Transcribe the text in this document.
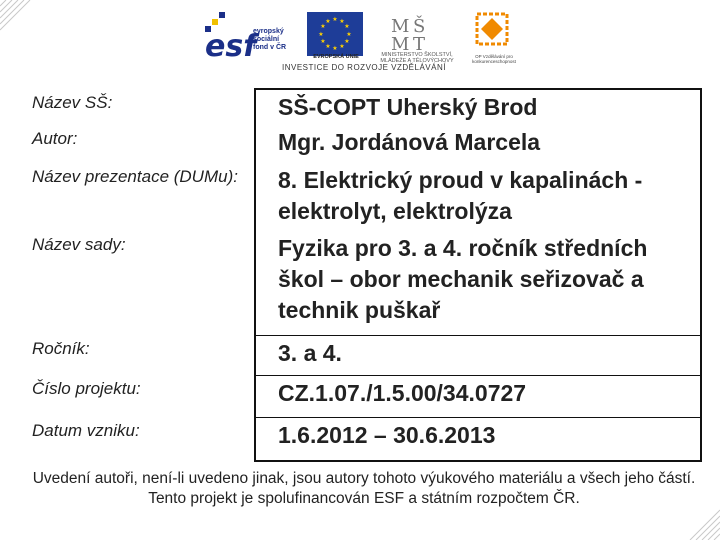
esf
evropský
sociální
fond v ČR
★ ★
★
★
★
★
★
★
★
★
★
★
EVROPSKÁ UNIE
M Š
M T
MINISTERSTVO ŠKOLSTVÍ, MLÁDEŽE A TĚLOVÝCHOVY
OP Vzdělávání pro konkurenceschopnost
INVESTICE DO ROZVOJE VZDĚLÁVÁNÍ
Název SŠ:	SŠ-COPT Uherský Brod
Autor:	Mgr. Jordánová Marcela
Název prezentace (DUMu):	8. Elektrický proud v kapalinách - elektrolyt, elektrolýza
Název sady:	Fyzika pro 3. a 4. ročník středních škol – obor mechanik seřizovač a technik puškař
Ročník:	3. a 4.
Číslo projektu:	CZ.1.07./1.5.00/34.0727
Datum vzniku:	1.6.2012 – 30.6.2013
Uvedení autoři, není-li uvedeno jinak, jsou autory tohoto výukového materiálu a všech jeho částí. Tento projekt je spolufinancován ESF a státním rozpočtem ČR.
